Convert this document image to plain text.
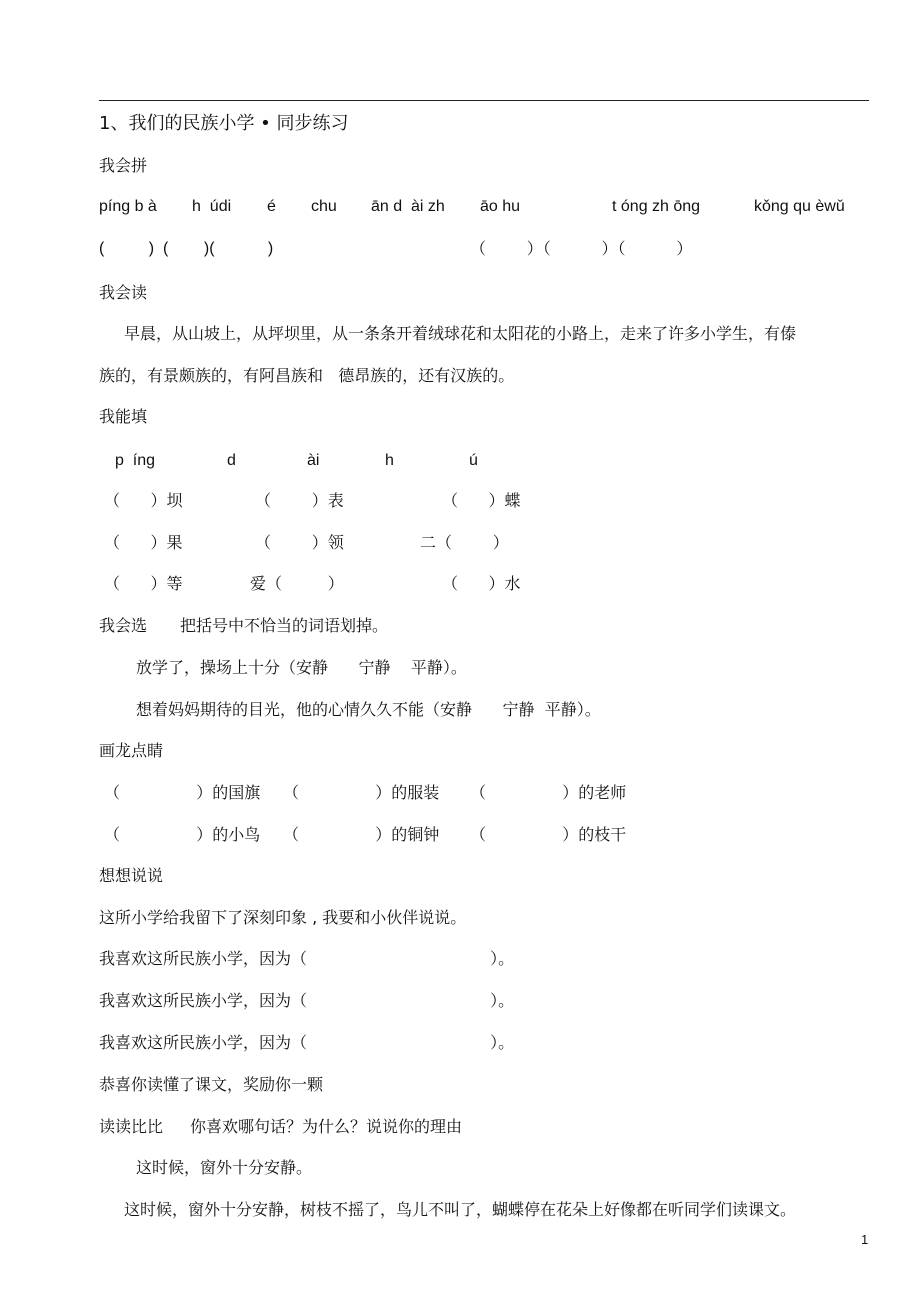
1、我们的民族小学 • 同步练习
我会拼
píng b à h  údi é chu ān d  ài zh āo hu	t óng zh ōng	kǒng qu èwǔ
(          )  (        )(            )	（        ）（          ）（          ）
我会读
早晨，从山坡上，从坪坝里，从一条条开着绒球花和太阳花的小路上，走来了许多小学生，有傣
族的，有景颇族的，有阿昌族和   德昂族的，还有汉族的。
我能填
p  íng	d	ài	h	ú
（      ）坝	（        ）表	（      ）蝶
（      ）果	（        ）领	二（        ）
（      ）等	爱（         ）	（      ）水
我会选 把括号中不恰当的词语划掉。
放学了，操场上十分（安静      宁静    平静）。
想着妈妈期待的目光，他的心情久久不能（安静      宁静  平静）。
画龙点睛
（               ）的国旗 （               ）的服装 （               ）的老师
（               ）的小鸟 （               ）的铜钟 （               ）的枝干
想想说说
这所小学给我留下了深刻印象 , 我要和小伙伴说说。
我喜欢这所民族小学，因为（                                    ）。
我喜欢这所民族小学，因为（                                    ）。
我喜欢这所民族小学，因为（                                    ）。
恭喜你读懂了课文，奖励你一颗
读读比比 你喜欢哪句话？为什么？说说你的理由
这时候，窗外十分安静。
这时候，窗外十分安静，树枝不摇了，鸟儿不叫了，蝴蝶停在花朵上好像都在听同学们读课文。
1
